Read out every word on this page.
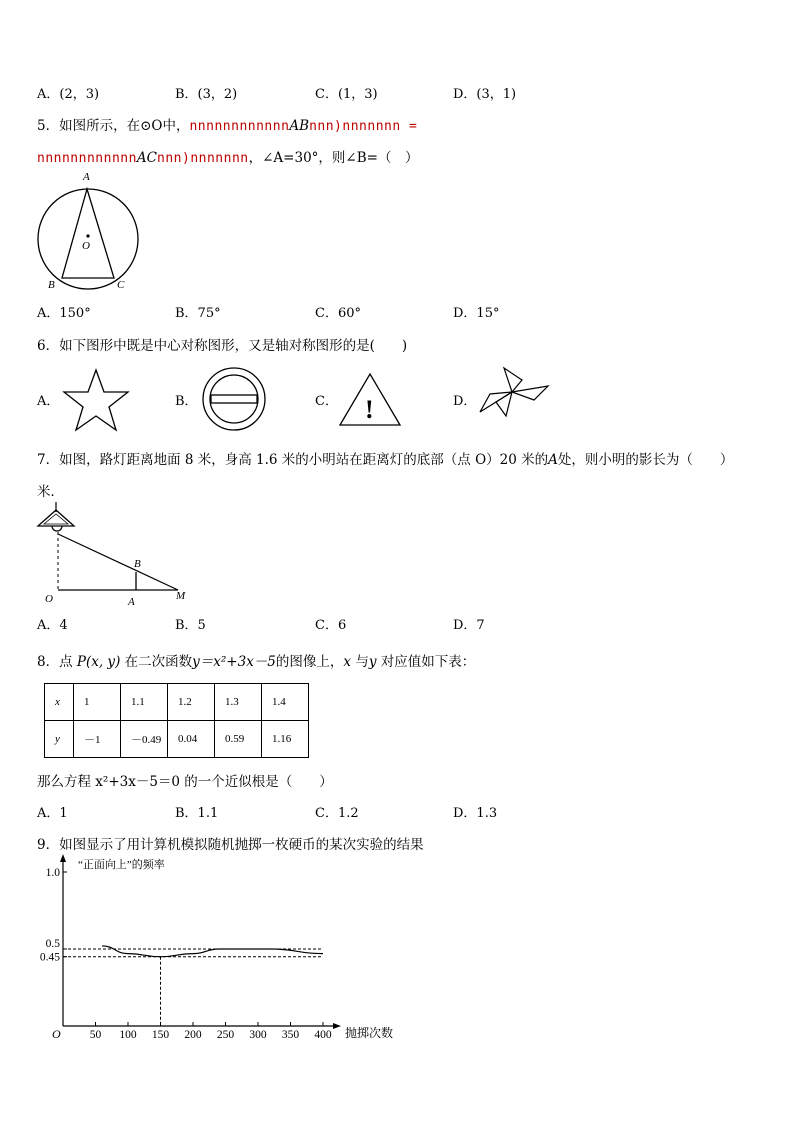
A．(2，3)	B．(3，2)	C．(1，3)	D．(3，1)
5．如图所示，在⊙O中，nnnnnnnnnnnnABnnn)nnnnnnn =
nnnnnnnnnnnnACnnn)nnnnnnn，∠A=30°，则∠B=（　）
A
B	C
O
A．150°	B．75°	C．60°	D．15°
6．如下图形中既是中心对称图形，又是轴对称图形的是(　　)
A．	B．	C． !	D．
7．如图，路灯距离地面 8 米，身高 1.6 米的小明站在距离灯的底部（点 O）20 米的A处，则小明的影长为（　　）
米．
O	A
B
M
A．4	B．5	C．6	D．7
8．点 P(x, y) 在二次函数y＝x²+3x－5的图像上，x 与y 对应值如下表：
x	1	1.1	1.2	1.3	1.4
y	－1	－0.49	0.04	0.59	1.16
那么方程 x²+3x－5＝0 的一个近似根是（　　）
A．1	B．1.1	C．1.2	D．1.3
9．如图显示了用计算机模拟随机抛掷一枚硬币的某次实验的结果
O
“正面向上”的频率
抛掷次数
50 100 150 200 250 300 350 400
1.0
0.5
0.45
